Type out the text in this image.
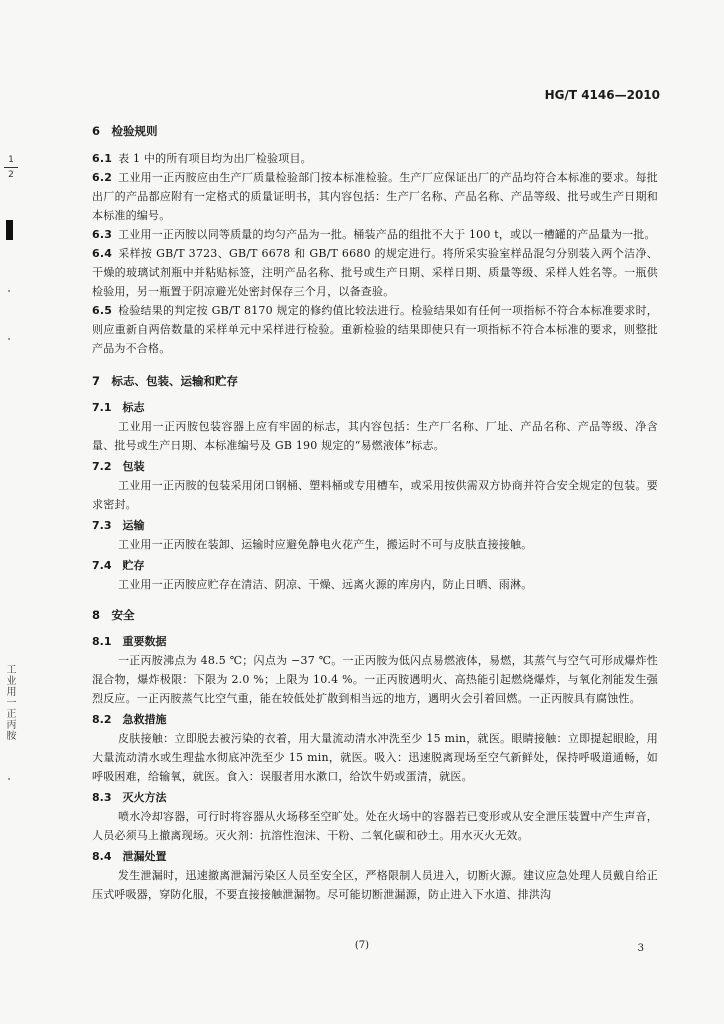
HG/T 4146—2010
1
2
工业用一正丙胺

6　检验规则

6.1 表 1 中的所有项目均为出厂检验项目。

6.2 工业用一正丙胺应由生产厂质量检验部门按本标准检验。生产厂应保证出厂的产品均符合本标准的要求。每批出厂的产品都应附有一定格式的质量证明书，其内容包括：生产厂名称、产品名称、产品等级、批号或生产日期和本标准的编号。

6.3 工业用一正丙胺以同等质量的均匀产品为一批。桶装产品的组批不大于 100 t，或以一槽罐的产品量为一批。

6.4 采样按 GB/T 3723、GB/T 6678 和 GB/T 6680 的规定进行。将所采实验室样品混匀分别装入两个洁净、干燥的玻璃试剂瓶中并粘贴标签，注明产品名称、批号或生产日期、采样日期、质量等级、采样人姓名等。一瓶供检验用，另一瓶置于阴凉避光处密封保存三个月，以备查验。

6.5 检验结果的判定按 GB/T 8170 规定的修约值比较法进行。检验结果如有任何一项指标不符合本标准要求时，则应重新自两倍数量的采样单元中采样进行检验。重新检验的结果即使只有一项指标不符合本标准的要求，则整批产品为不合格。

7　标志、包装、运输和贮存

7.1　标志

工业用一正丙胺包装容器上应有牢固的标志，其内容包括：生产厂名称、厂址、产品名称、产品等级、净含量、批号或生产日期、本标准编号及 GB 190 规定的“易燃液体”标志。

7.2　包装

工业用一正丙胺的包装采用闭口钢桶、塑料桶或专用槽车，或采用按供需双方协商并符合安全规定的包装。要求密封。

7.3　运输

工业用一正丙胺在装卸、运输时应避免静电火花产生，搬运时不可与皮肤直接接触。

7.4　贮存

工业用一正丙胺应贮存在清洁、阴凉、干燥、远离火源的库房内，防止日晒、雨淋。

8　安全

8.1　重要数据

一正丙胺沸点为 48.5 ℃；闪点为 −37 ℃。一正丙胺为低闪点易燃液体，易燃，其蒸气与空气可形成爆炸性混合物，爆炸极限：下限为 2.0 %；上限为 10.4 %。一正丙胺遇明火、高热能引起燃烧爆炸，与氧化剂能发生强烈反应。一正丙胺蒸气比空气重，能在较低处扩散到相当远的地方，遇明火会引着回燃。一正丙胺具有腐蚀性。

8.2　急救措施

皮肤接触：立即脱去被污染的衣着，用大量流动清水冲洗至少 15 min，就医。眼睛接触：立即提起眼睑，用大量流动清水或生理盐水彻底冲洗至少 15 min，就医。吸入：迅速脱离现场至空气新鲜处，保持呼吸道通畅，如呼吸困难，给输氧，就医。食入：误服者用水漱口，给饮牛奶或蛋清，就医。

8.3　灭火方法

喷水冷却容器，可行时将容器从火场移至空旷处。处在火场中的容器若已变形或从安全泄压装置中产生声音，人员必须马上撤离现场。灭火剂：抗溶性泡沫、干粉、二氧化碳和砂土。用水灭火无效。

8.4　泄漏处置

发生泄漏时，迅速撤离泄漏污染区人员至安全区，严格限制人员进入，切断火源。建议应急处理人员戴自给正压式呼吸器，穿防化服，不要直接接触泄漏物。尽可能切断泄漏源，防止进入下水道、排洪沟

(7)	3
